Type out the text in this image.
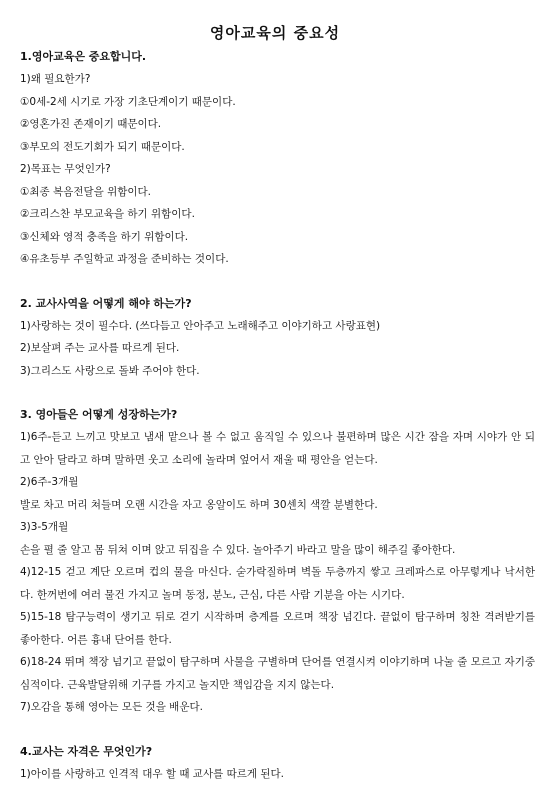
영아교육의 중요성
1.영아교육은 중요합니다.
1)왜 필요한가?
①0세-2세 시기로 가장 기초단계이기 때문이다.
②영혼가진 존재이기 때문이다.
③부모의 전도기회가 되기 때문이다.
2)목표는 무엇인가?
①최종 복음전달을 위함이다.
②크리스찬 부모교육을 하기 위함이다.
③신체와 영적 충족을 하기 위함이다.
④유초등부 주일학교 과정을 준비하는 것이다.
2. 교사사역을 어떻게 해야 하는가?
1)사랑하는 것이 필수다. (쓰다듬고 안아주고 노래해주고 이야기하고 사랑표현)
2)보살펴 주는 교사를 따르게 된다.
3)그리스도 사랑으로 돌봐 주어야 한다.
3. 영아들은 어떻게 성장하는가?
1)6주-듣고 느끼고 맛보고 냄새 맡으나 볼 수 없고 움직일 수 있으나 불편하며 많은 시간 잠을 자며 시야가 안 되고 안아 달라고 하며 말하면 웃고 소리에 놀라며 엎어서 재울 때 평안을 얻는다.
2)6주-3개월
발로 차고 머리 쳐들며 오랜 시간을 자고 옹알이도 하며 30센치 색깔 분별한다.
3)3-5개월
손을 펼 줄 알고 몸 뒤쳐 이며 앉고 뒤집을 수 있다. 놀아주기 바라고 말을 많이 해주길 좋아한다.
4)12-15 걷고 계단 오르며 컵의 물을 마신다. 숟가락질하며 벽돌 두층까지 쌓고 크레파스로 아무렇게나 낙서한다. 한꺼번에 여러 물건 가지고 놀며 동정, 분노, 근심, 다른 사람 기분을 아는 시기다.
5)15-18 탐구능력이 생기고 뒤로 걷기 시작하며 층계를 오르며 책장 넘긴다. 끝없이 탐구하며 칭찬 격려받기를 좋아한다. 어른 흉내 단어를 한다.
6)18-24 뛰며 책장 넘기고 끝없이 탐구하며 사물을 구별하며 단어를 연결시켜 이야기하며 나눌 줄 모르고 자기중심적이다. 근육발달위해 기구를 가지고 놀지만 책임감을 지지 않는다.
7)오감을 통해 영아는 모든 것을 배운다.
4.교사는 자격은 무엇인가?
1)아이를 사랑하고 인격적 대우 할 때 교사를 따르게 된다.
